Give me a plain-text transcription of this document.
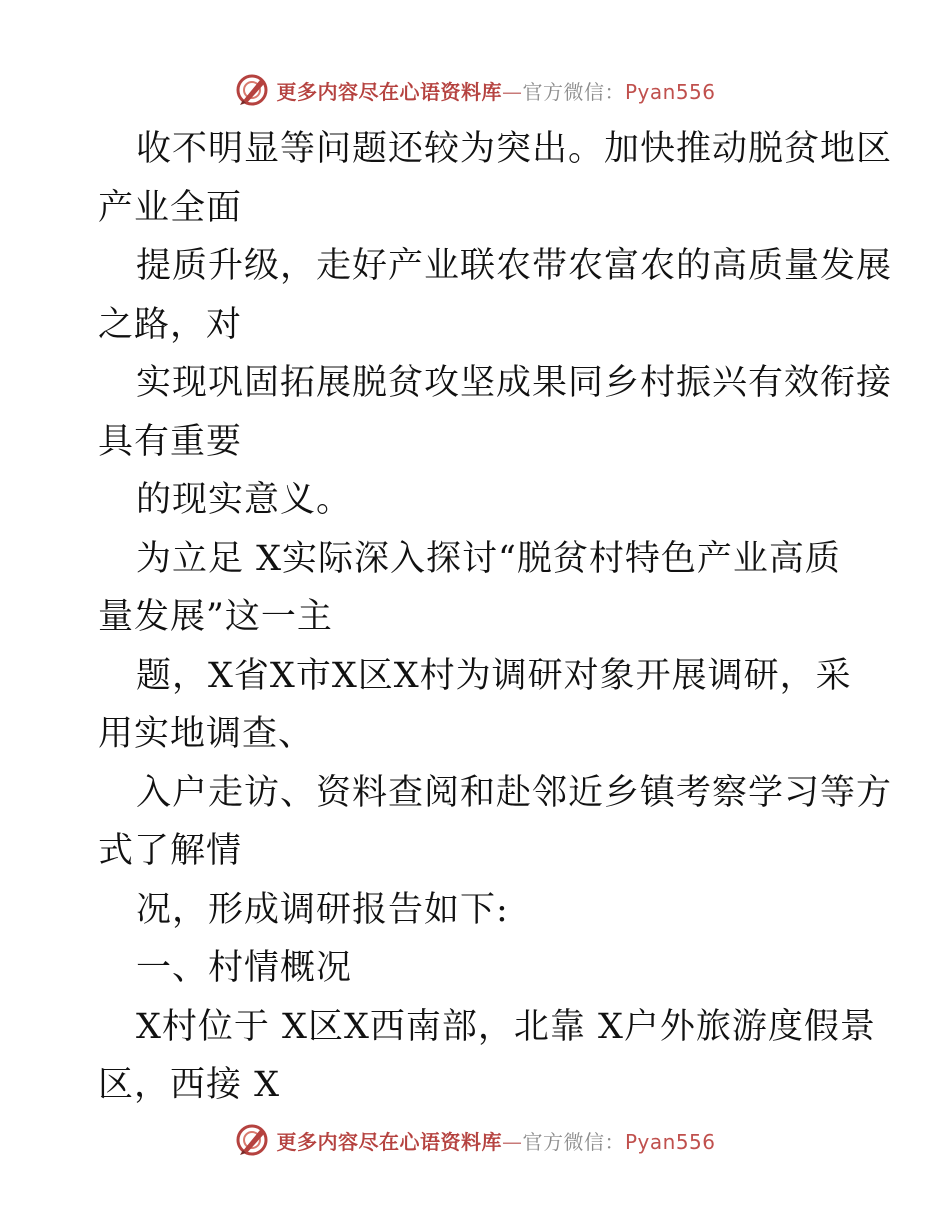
更多内容尽在心语资料库—官方微信：Pyan556
收不明显等问题还较为突出。加快推动脱贫地区
产业全面
提质升级，走好产业联农带农富农的高质量发展
之路，对
实现巩固拓展脱贫攻坚成果同乡村振兴有效衔接
具有重要
的现实意义。
为立足 X实际深入探讨“脱贫村特色产业高质
量发展”这一主
题，X省X市X区X村为调研对象开展调研，采
用实地调查、
入户走访、资料查阅和赴邻近乡镇考察学习等方
式了解情
况，形成调研报告如下:
一、村情概况
X村位于 X区X西南部，北靠 X户外旅游度假景
区，西接 X
更多内容尽在心语资料库—官方微信：Pyan556
